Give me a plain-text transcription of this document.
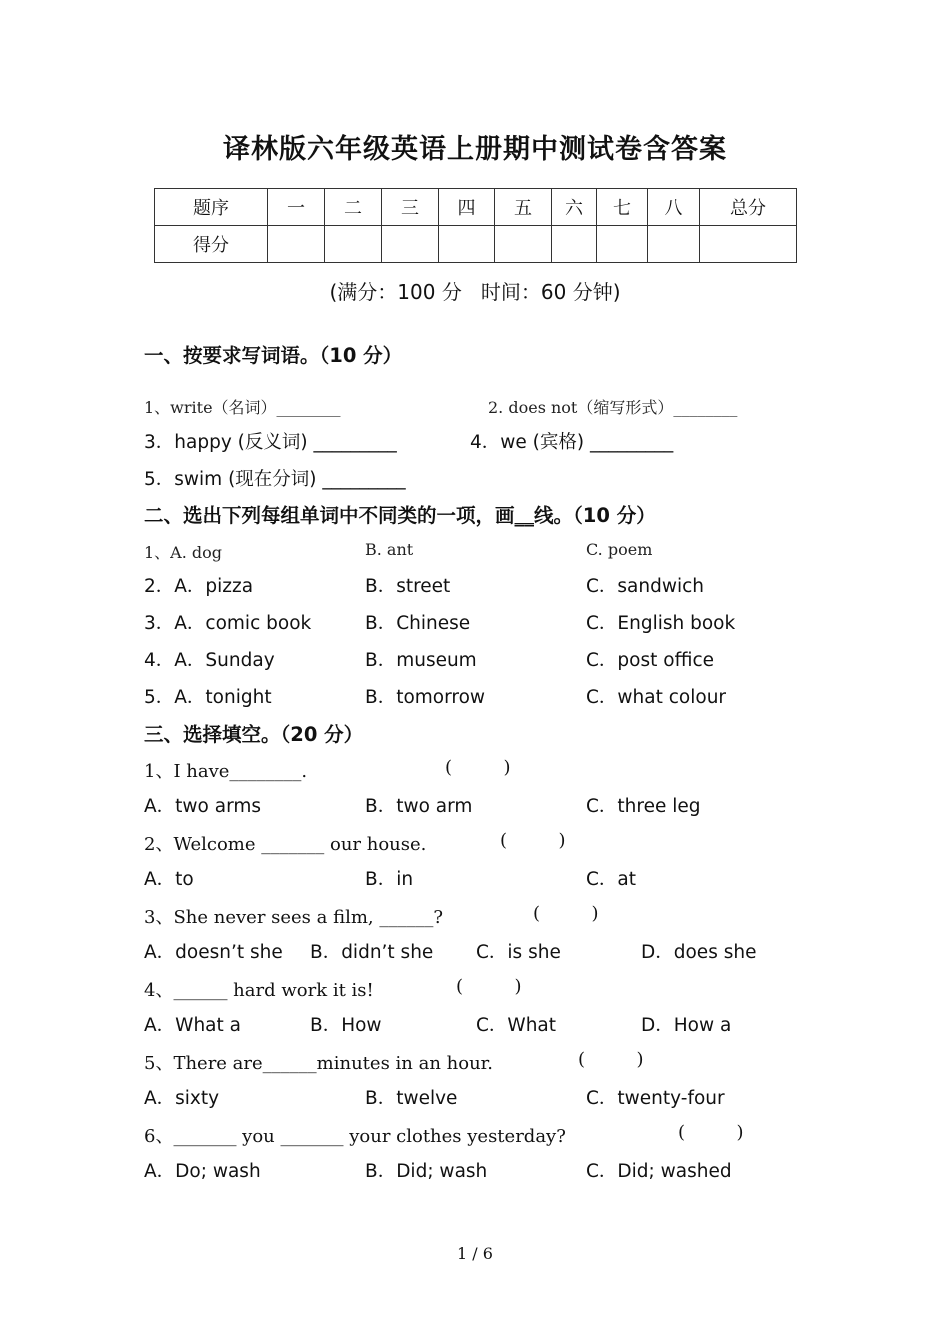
译林版六年级英语上册期中测试卷含答案
题序	一	二	三	四	五	六	七	八	总分
得分									
(满分：100 分   时间：60 分钟)
一、按要求写词语。（10 分）
1、write（名词）________	2. does not（缩写形式）________
3．happy (反义词) _________	4．we (宾格) _________
5．swim (现在分词) _________
二、选出下列每组单词中不同类的一项，画__线。（10 分）
1、A. dog	B. ant	C. poem
2．A．pizza	B．street	C．sandwich
3．A．comic book	B．Chinese	C．English book
4．A．Sunday	B．museum	C．post office
5．A．tonight	B．tomorrow	C．what colour
三、选择填空。（20 分）
1、I have________.	(         )
A．two arms	B．two arm	C．three leg
2、Welcome _______ our house.	(         )
A．to	B．in	C．at
3、She never sees a film, ______?	(         )
A．doesn’t she B．didn’t she C．is she	D．does she
4、______ hard work it is!	(         )
A．What a	B．How	C．What	D．How a
5、There are______minutes in an hour.	(         )
A．sixty	B．twelve	C．twenty-four
6、_______ you _______ your clothes yesterday?	(         )
A．Do; wash	B．Did; wash	C．Did; washed
1 / 6
